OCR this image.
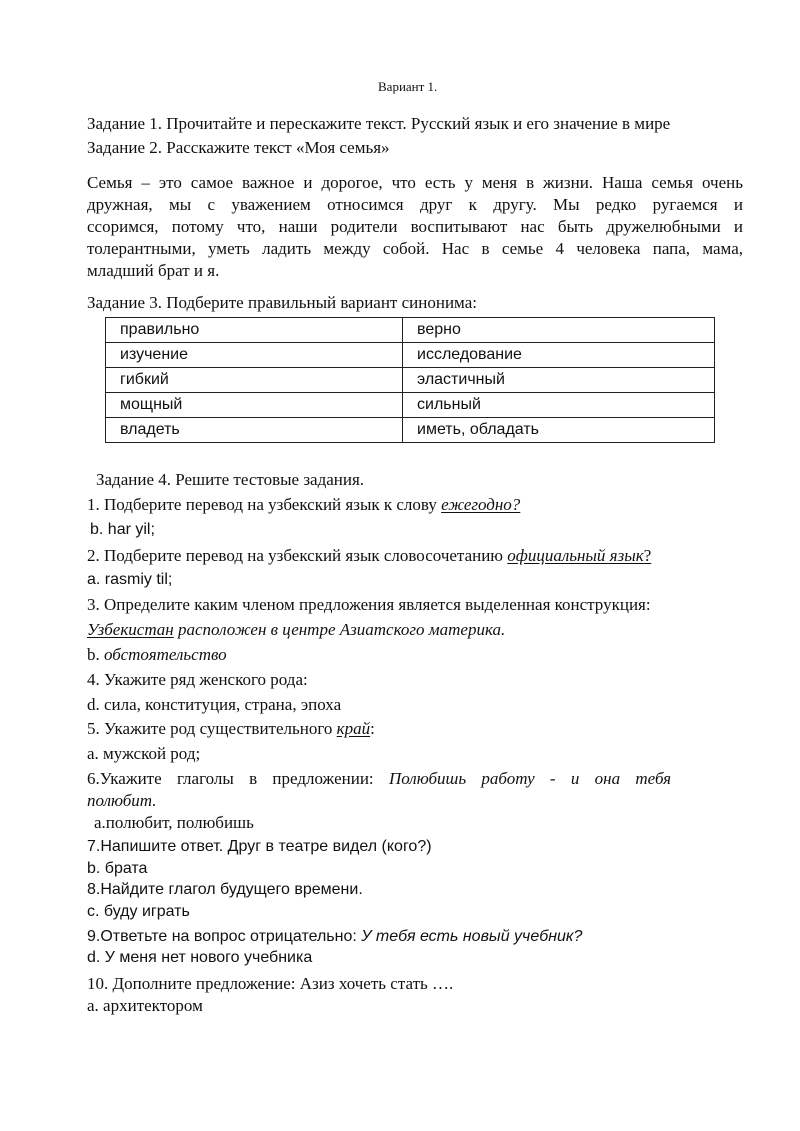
Вариант 1.
Задание 1. Прочитайте и перескажите текст. Русский язык и его значение в мире
Задание 2. Расскажите текст «Моя семья»
Семья – это самое важное и дорогое, что есть у меня в жизни. Наша семья очень
дружная, мы с уважением относимся друг к другу. Мы редко ругаемся и
ссоримся, потому что, наши родители воспитывают нас быть дружелюбными и
толерантными, уметь ладить между собой. Нас в семье 4 человека папа, мама,
младший брат и я.
Задание 3. Подберите правильный вариант синонима:
правильно	верно
изучение	исследование
гибкий	эластичный
мощный	сильный
владеть	иметь, обладать
Задание 4. Решите тестовые задания.
1. Подберите перевод на узбекский язык к слову ежегодно?
b. har yil;
2. Подберите перевод на узбекский язык словосочетанию официальный язык?
a. rasmiy til;
3. Определите каким членом предложения является выделенная конструкция:
Узбекистан расположен в центре Азиатского материка.
b. обстоятельство
4. Укажите ряд женского рода:
d. сила, конституция, страна, эпоха
5. Укажите род существительного край:
а. мужской род;
6.Укажите глаголы в предложении: Полюбишь работу - и она тебя
полюбит.
а.полюбит, полюбишь
7.Напишите ответ. Друг в театре видел (кого?)
b. брата
8.Найдите глагол будущего времени.
c. буду играть
9.Ответьте на вопрос отрицательно: У тебя есть новый учебник?
d. У меня нет нового учебника
10. Дополните предложение: Азиз хочеть стать ….
а. архитектором
